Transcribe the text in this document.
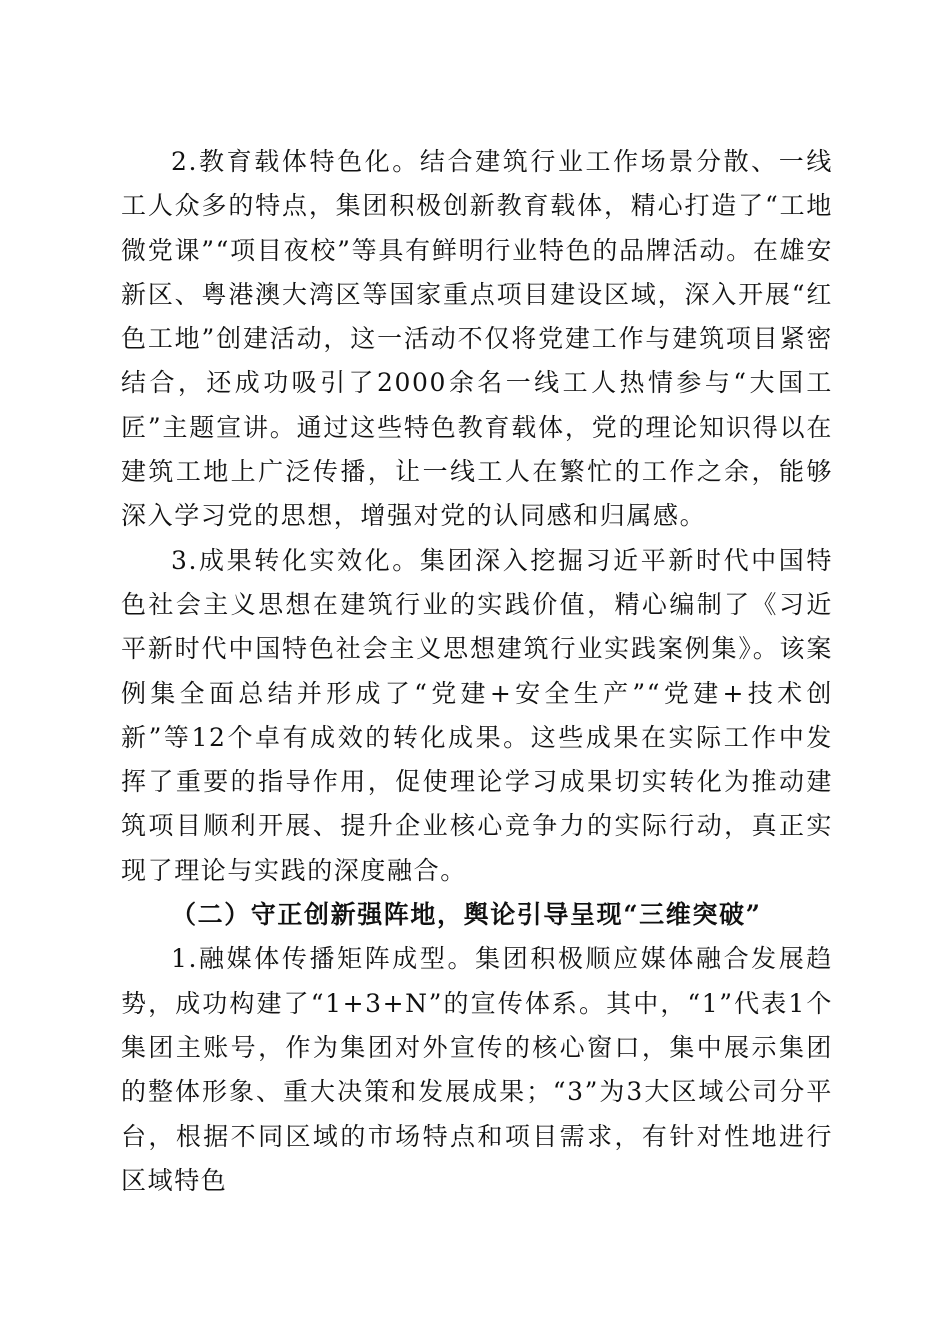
2.教育载体特色化。结合建筑行业工作场景分散、一线工人众多的特点，集团积极创新教育载体，精心打造了“工地微党课”“项目夜校”等具有鲜明行业特色的品牌活动。在雄安新区、粤港澳大湾区等国家重点项目建设区域，深入开展“红色工地”创建活动，这一活动不仅将党建工作与建筑项目紧密结合，还成功吸引了2000余名一线工人热情参与“大国工匠”主题宣讲。通过这些特色教育载体，党的理论知识得以在建筑工地上广泛传播，让一线工人在繁忙的工作之余，能够深入学习党的思想，增强对党的认同感和归属感。

3.成果转化实效化。集团深入挖掘习近平新时代中国特色社会主义思想在建筑行业的实践价值，精心编制了《习近平新时代中国特色社会主义思想建筑行业实践案例集》。该案例集全面总结并形成了“党建+安全生产”“党建+技术创新”等12个卓有成效的转化成果。这些成果在实际工作中发挥了重要的指导作用，促使理论学习成果切实转化为推动建筑项目顺利开展、提升企业核心竞争力的实际行动，真正实现了理论与实践的深度融合。

（二）守正创新强阵地，舆论引导呈现“三维突破”

1.融媒体传播矩阵成型。集团积极顺应媒体融合发展趋势，成功构建了“1+3+N”的宣传体系。其中，“1”代表1个集团主账号，作为集团对外宣传的核心窗口，集中展示集团的整体形象、重大决策和发展成果；“3”为3大区域公司分平台，根据不同区域的市场特点和项目需求，有针对性地进行区域特色
